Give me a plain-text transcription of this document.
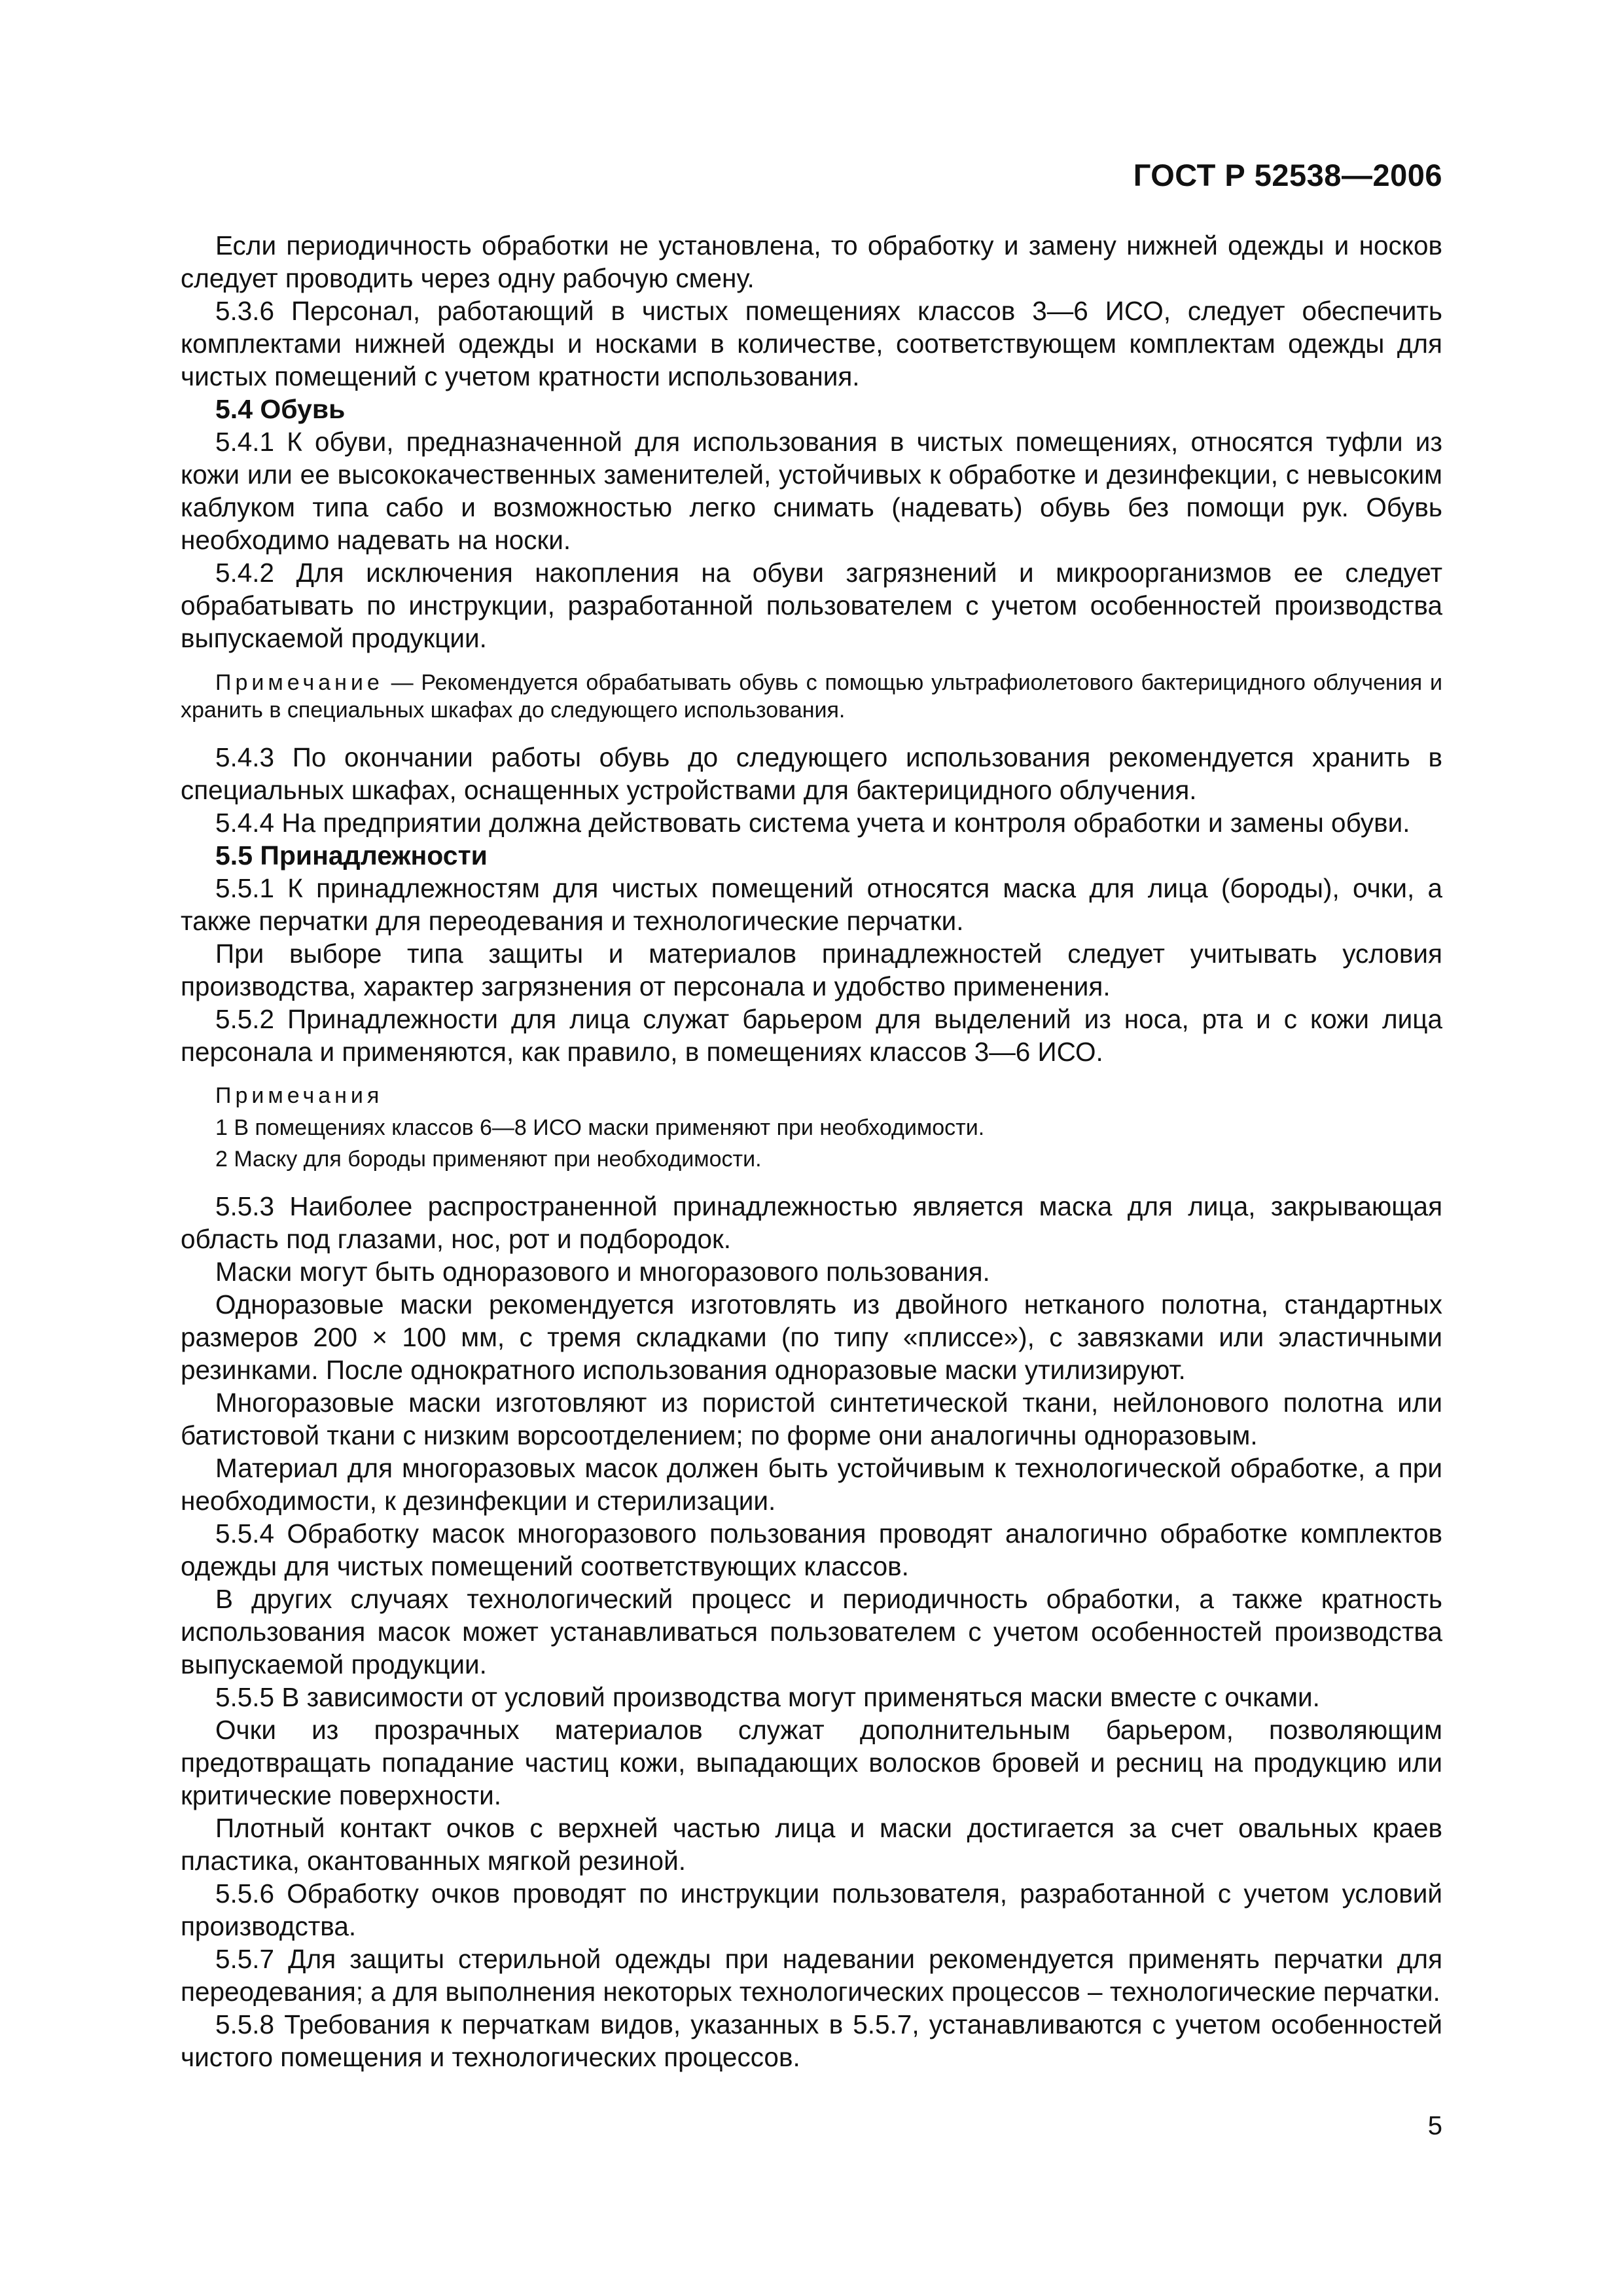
ГОСТ Р 52538—2006

Если периодичность обработки не установлена, то обработку и замену нижней одежды и носков следует проводить через одну рабочую смену.

5.3.6 Персонал, работающий в чистых помещениях классов 3—6 ИСО, следует обеспечить комплектами нижней одежды и носками в количестве, соответствующем комплектам одежды для чистых помещений с учетом кратности использования.

5.4 Обувь

5.4.1 К обуви, предназначенной для использования в чистых помещениях, относятся туфли из кожи или ее высококачественных заменителей, устойчивых к обработке и дезинфекции, с невысоким каблуком типа сабо и возможностью легко снимать (надевать) обувь без помощи рук. Обувь необходимо надевать на носки.

5.4.2 Для исключения накопления на обуви загрязнений и микроорганизмов ее следует обрабатывать по инструкции, разработанной пользователем с учетом особенностей производства выпускаемой продукции.

Примечание — Рекомендуется обрабатывать обувь с помощью ультрафиолетового бактерицидного облучения и хранить в специальных шкафах до следующего использования.

5.4.3 По окончании работы обувь до следующего использования рекомендуется хранить в специальных шкафах, оснащенных устройствами для бактерицидного облучения.

5.4.4 На предприятии должна действовать система учета и контроля обработки и замены обуви.

5.5 Принадлежности

5.5.1 К принадлежностям для чистых помещений относятся маска для лица (бороды), очки, а также перчатки для переодевания и технологические перчатки.

При выборе типа защиты и материалов принадлежностей следует учитывать условия производства, характер загрязнения от персонала и удобство применения.

5.5.2 Принадлежности для лица служат барьером для выделений из носа, рта и с кожи лица персонала и применяются, как правило, в помещениях классов 3—6 ИСО.

Примечания

1 В помещениях классов 6—8 ИСО маски применяют при необходимости.

2 Маску для бороды применяют при необходимости.

5.5.3 Наиболее распространенной принадлежностью является маска для лица, закрывающая область под глазами, нос, рот и подбородок.

Маски могут быть одноразового и многоразового пользования.

Одноразовые маски рекомендуется изготовлять из двойного нетканого полотна, стандартных размеров 200 × 100 мм, с тремя складками (по типу «плиссе»), с завязками или эластичными резинками. После однократного использования одноразовые маски утилизируют.

Многоразовые маски изготовляют из пористой синтетической ткани, нейлонового полотна или батистовой ткани с низким ворсоотделением; по форме они аналогичны одноразовым.

Материал для многоразовых масок должен быть устойчивым к технологической обработке, а при необходимости, к дезинфекции и стерилизации.

5.5.4 Обработку масок многоразового пользования проводят аналогично обработке комплектов одежды для чистых помещений соответствующих классов.

В других случаях технологический процесс и периодичность обработки, а также кратность использования масок может устанавливаться пользователем с учетом особенностей производства выпускаемой продукции.

5.5.5 В зависимости от условий производства могут применяться маски вместе с очками.

Очки из прозрачных материалов служат дополнительным барьером, позволяющим предотвращать попадание частиц кожи, выпадающих волосков бровей и ресниц на продукцию или критические поверхности.

Плотный контакт очков с верхней частью лица и маски достигается за счет овальных краев пластика, окантованных мягкой резиной.

5.5.6 Обработку очков проводят по инструкции пользователя, разработанной с учетом условий производства.

5.5.7 Для защиты стерильной одежды при надевании рекомендуется применять перчатки для переодевания; а для выполнения некоторых технологических процессов – технологические перчатки.

5.5.8 Требования к перчаткам видов, указанных в 5.5.7, устанавливаются с учетом особенностей чистого помещения и технологических процессов.

5
